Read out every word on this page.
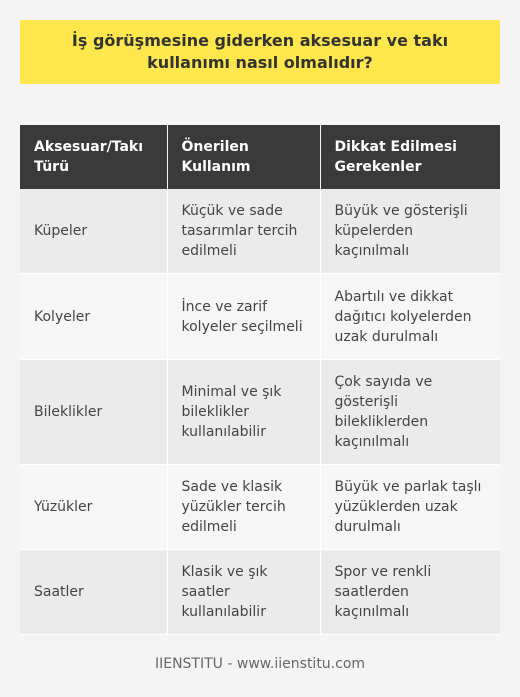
İş görüşmesine giderken aksesuar ve takı kullanımı nasıl olmalıdır?
Aksesuar/Takı Türü	Önerilen Kullanım	Dikkat Edilmesi Gerekenler
Küpeler	Küçük ve sade tasarımlar tercih edilmeli	Büyük ve gösterişli küpelerden kaçınılmalı
Kolyeler	İnce ve zarif kolyeler seçilmeli	Abartılı ve dikkat dağıtıcı kolyelerden uzak durulmalı
Bileklikler	Minimal ve şık bileklikler kullanılabilir	Çok sayıda ve gösterişli bilekliklerden kaçınılmalı
Yüzükler	Sade ve klasik yüzükler tercih edilmeli	Büyük ve parlak taşlı yüzüklerden uzak durulmalı
Saatler	Klasik ve şık saatler kullanılabilir	Spor ve renkli saatlerden kaçınılmalı
IIENSTITU - www.iienstitu.com
